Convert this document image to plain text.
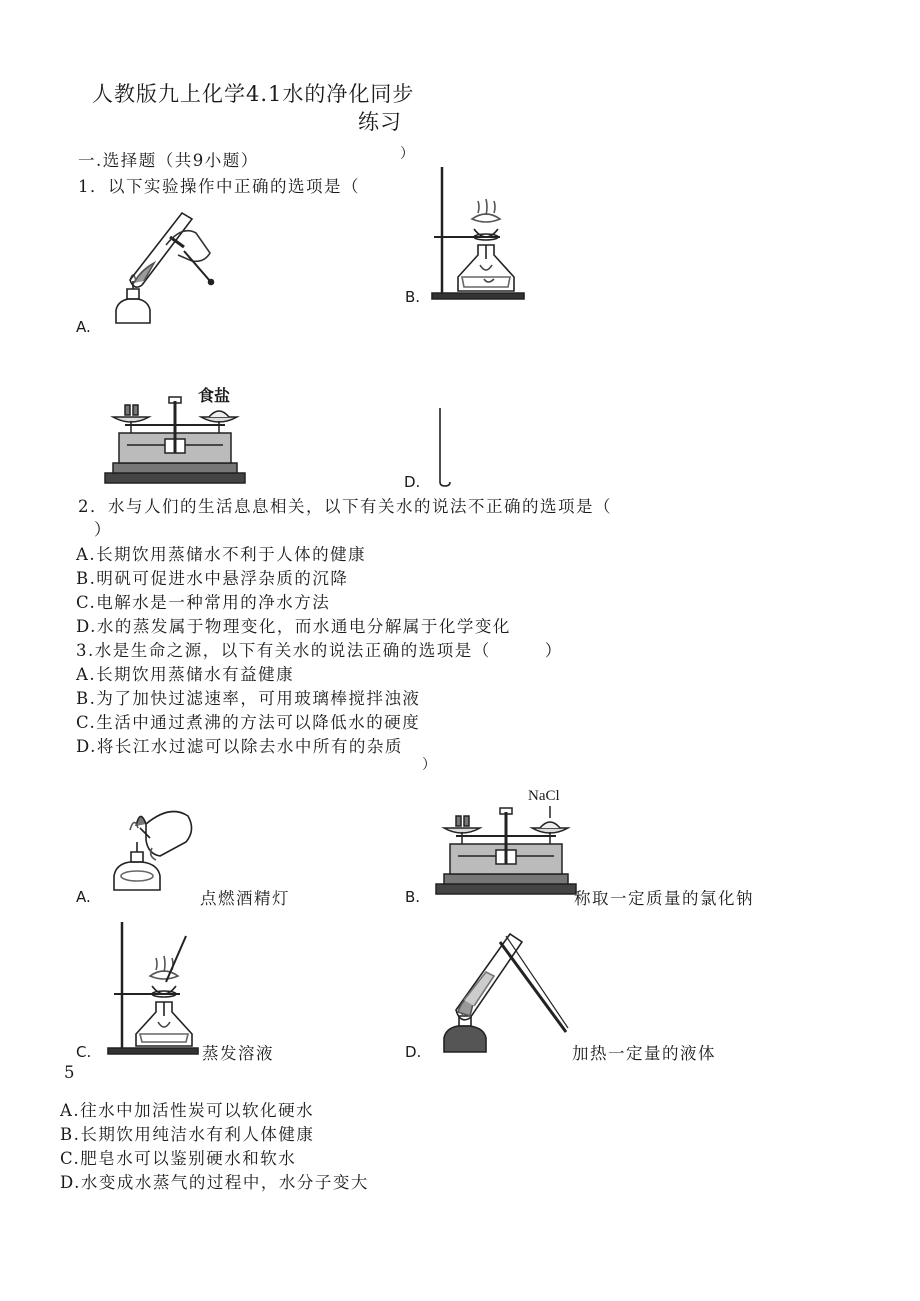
人教版九上化学4.1水的净化同步
练习
一.选择题（共9小题）	）
1．以下实验操作中正确的选项是（
A.
B.
食盐
D.
2．水与人们的生活息息相关，以下有关水的说法不正确的选项是（
）
A.长期饮用蒸储水不利于人体的健康
B.明矾可促进水中悬浮杂质的沉降
C.电解水是一种常用的净水方法
D.水的蒸发属于物理变化，而水通电分解属于化学变化
3.水是生命之源，以下有关水的说法正确的选项是（　　　）
A.长期饮用蒸储水有益健康
B.为了加快过滤速率，可用玻璃棒搅拌浊液
C.生活中通过煮沸的方法可以降低水的硬度
D.将长江水过滤可以除去水中所有的杂质
）
A.	点燃酒精灯
NaCl
B.	称取一定质量的氯化钠
C.	蒸发溶液	D.	加热一定量的液体
5
A.往水中加活性炭可以软化硬水
B.长期饮用纯洁水有利人体健康
C.肥皂水可以鉴别硬水和软水
D.水变成水蒸气的过程中，水分子变大
